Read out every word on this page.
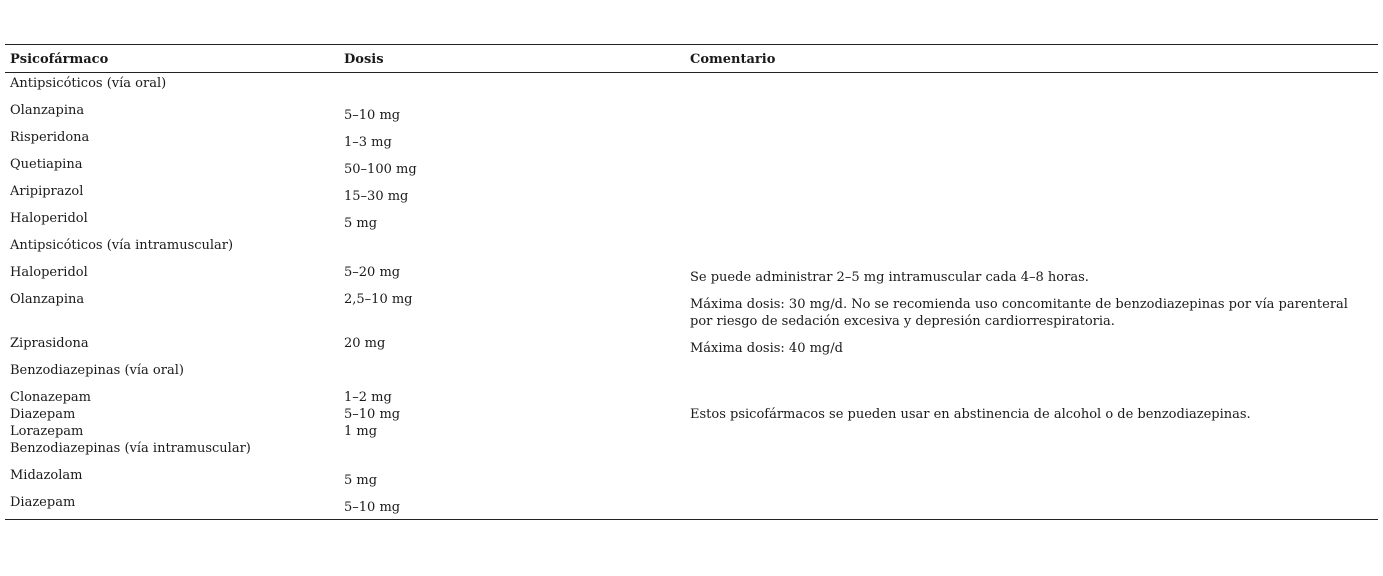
Psicofármaco	Dosis	Comentario
Antipsicóticos (vía oral)
Olanzapina	5–10 mg
Risperidona	1–3 mg
Quetiapina	50–100 mg
Aripiprazol	15–30 mg
Haloperidol	5 mg
Antipsicóticos (vía intramuscular)
Haloperidol	5–20 mg	Se puede administrar 2–5 mg intramuscular cada 4–8 horas.
Olanzapina	2,5–10 mg	Máxima dosis: 30 mg/d. No se recomienda uso concomitante de benzodiazepinas por vía parenteral por riesgo de sedación excesiva y depresión cardiorrespiratoria.
Ziprasidona	20 mg	Máxima dosis: 40 mg/d
Benzodiazepinas (vía oral)
Clonazepam	1–2 mg
Diazepam	5–10 mg	Estos psicofármacos se pueden usar en abstinencia de alcohol o de benzodiazepinas.
Lorazepam	1 mg
Benzodiazepinas (vía intramuscular)
Midazolam	5 mg
Diazepam	5–10 mg
